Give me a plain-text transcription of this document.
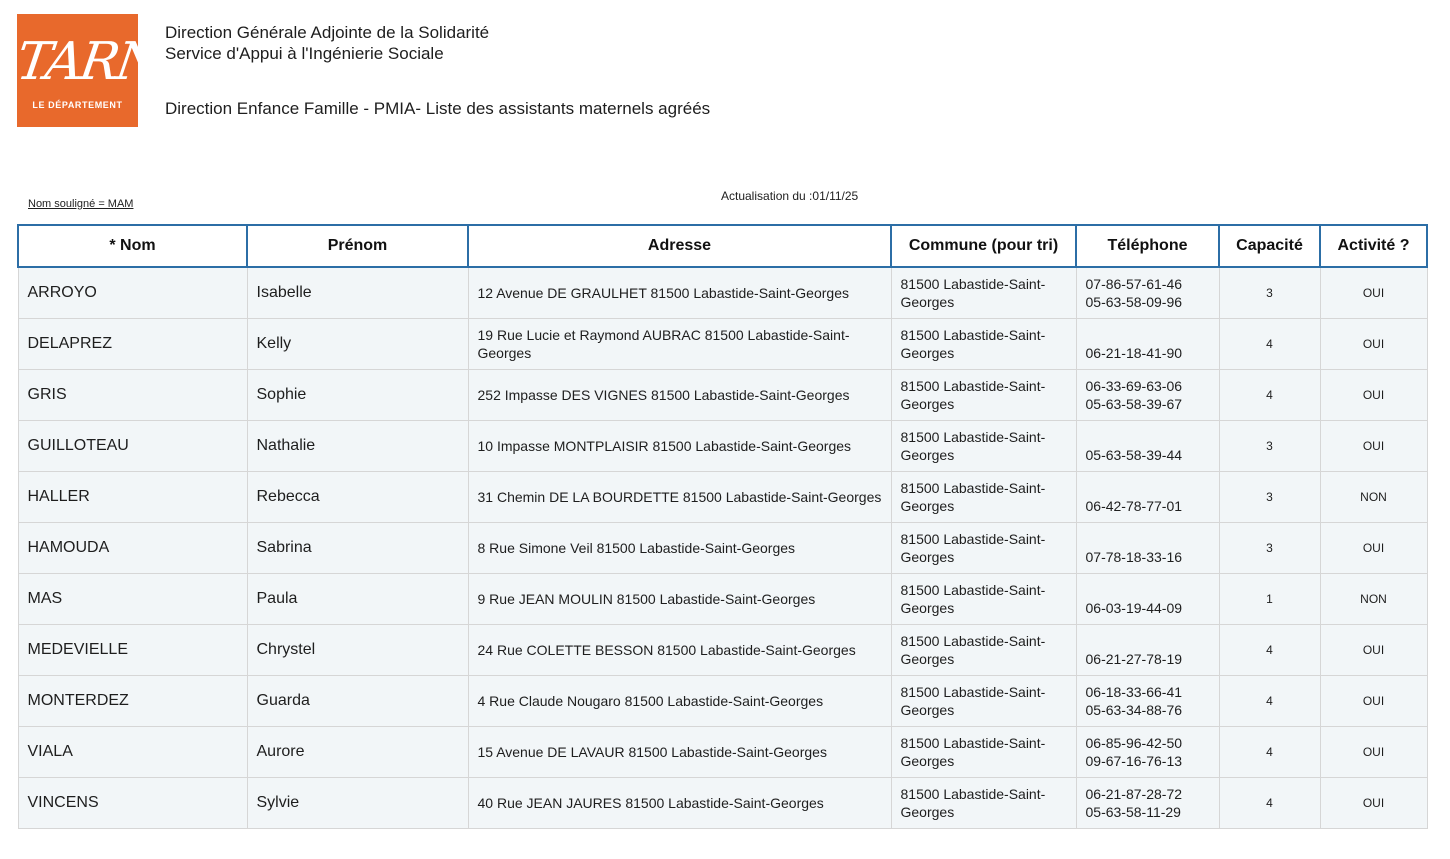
TARN
LE DÉPARTEMENT
Direction Générale Adjointe de la Solidarité
Service d'Appui à l'Ingénierie Sociale
Direction Enfance Famille - PMIA- Liste des assistants maternels agréés
Nom souligné = MAM
Actualisation du :01/11/25
* Nom	Prénom	Adresse	Commune (pour tri)	Téléphone	Capacité	Activité ?
ARROYO	Isabelle	12 Avenue DE GRAULHET 81500 Labastide-Saint-Georges	81500 Labastide-Saint-Georges	07-86-57-61-46
05-63-58-09-96	3	OUI
DELAPREZ	Kelly	19 Rue Lucie et Raymond AUBRAC 81500 Labastide-Saint-Georges	81500 Labastide-Saint-Georges	06-21-18-41-90	4	OUI
GRIS	Sophie	252 Impasse DES VIGNES 81500 Labastide-Saint-Georges	81500 Labastide-Saint-Georges	06-33-69-63-06
05-63-58-39-67	4	OUI
GUILLOTEAU	Nathalie	10 Impasse MONTPLAISIR 81500 Labastide-Saint-Georges	81500 Labastide-Saint-Georges	05-63-58-39-44	3	OUI
HALLER	Rebecca	31 Chemin DE LA BOURDETTE 81500 Labastide-Saint-Georges	81500 Labastide-Saint-Georges	06-42-78-77-01	3	NON
HAMOUDA	Sabrina	8 Rue Simone Veil 81500 Labastide-Saint-Georges	81500 Labastide-Saint-Georges	07-78-18-33-16	3	OUI
MAS	Paula	9 Rue JEAN MOULIN 81500 Labastide-Saint-Georges	81500 Labastide-Saint-Georges	06-03-19-44-09	1	NON
MEDEVIELLE	Chrystel	24 Rue COLETTE BESSON 81500 Labastide-Saint-Georges	81500 Labastide-Saint-Georges	06-21-27-78-19	4	OUI
MONTERDEZ	Guarda	4 Rue Claude Nougaro 81500 Labastide-Saint-Georges	81500 Labastide-Saint-Georges	06-18-33-66-41
05-63-34-88-76	4	OUI
VIALA	Aurore	15 Avenue DE LAVAUR 81500 Labastide-Saint-Georges	81500 Labastide-Saint-Georges	06-85-96-42-50
09-67-16-76-13	4	OUI
VINCENS	Sylvie	40 Rue JEAN JAURES 81500 Labastide-Saint-Georges	81500 Labastide-Saint-Georges	06-21-87-28-72
05-63-58-11-29	4	OUI
